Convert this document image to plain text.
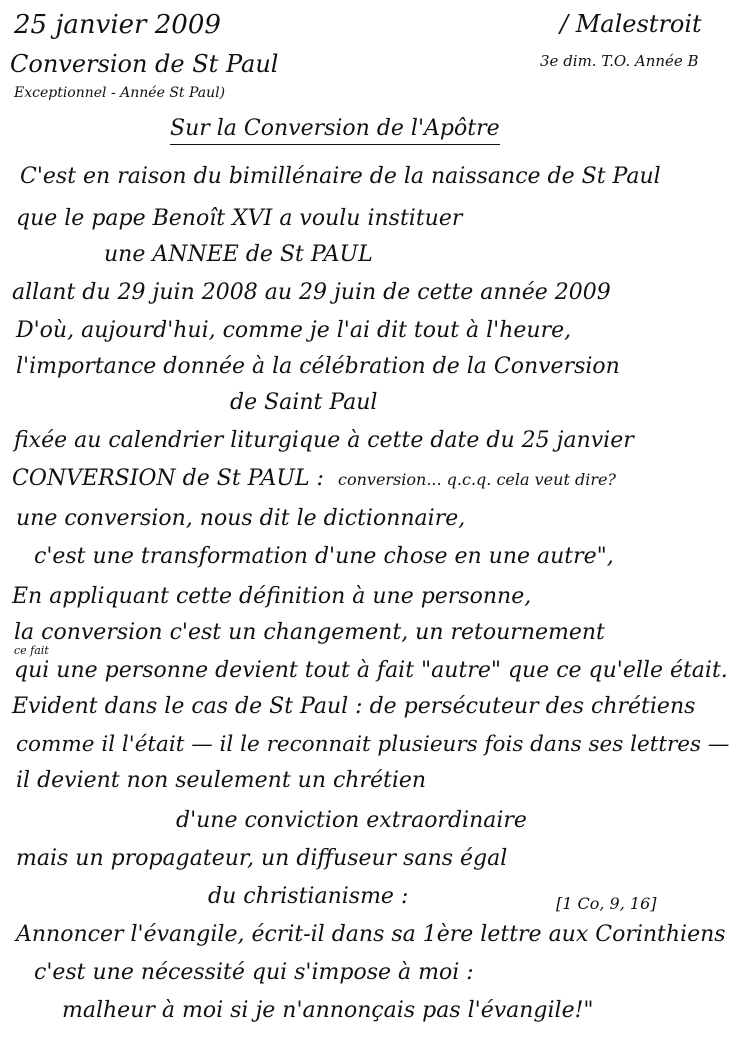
25 janvier 2009
Conversion de St Paul
Exceptionnel - Année St Paul)
/ Malestroit
3e dim. T.O. Année B
Sur la Conversion de l'Apôtre
C'est en raison du bimillénaire de la naissance de St Paul
que le pape Benoît XVI a voulu instituer
une ANNEE de St PAUL
allant du 29 juin 2008 au 29 juin de cette année 2009
D'où, aujourd'hui, comme je l'ai dit tout à l'heure,
l'importance donnée à la célébration de la Conversion
de Saint Paul
fixée au calendrier liturgique à cette date du 25 janvier
CONVERSION de St PAUL : conversion... q.c.q. cela veut dire?
une conversion, nous dit le dictionnaire,
c'est une transformation d'une chose en une autre",
En appliquant cette définition à une personne,
la conversion c'est un changement, un retournement
ce fait
qui une personne devient tout à fait "autre" que ce qu'elle était.
Evident dans le cas de St Paul : de persécuteur des chrétiens
comme il l'était — il le reconnait plusieurs fois dans ses lettres —
il devient non seulement un chrétien
d'une conviction extraordinaire
mais un propagateur, un diffuseur sans égal
du christianisme :	[1 Co, 9, 16]
Annoncer l'évangile, écrit-il dans sa 1ère lettre aux Corinthiens
c'est une nécessité qui s'impose à moi :
malheur à moi si je n'annonçais pas l'évangile!"
